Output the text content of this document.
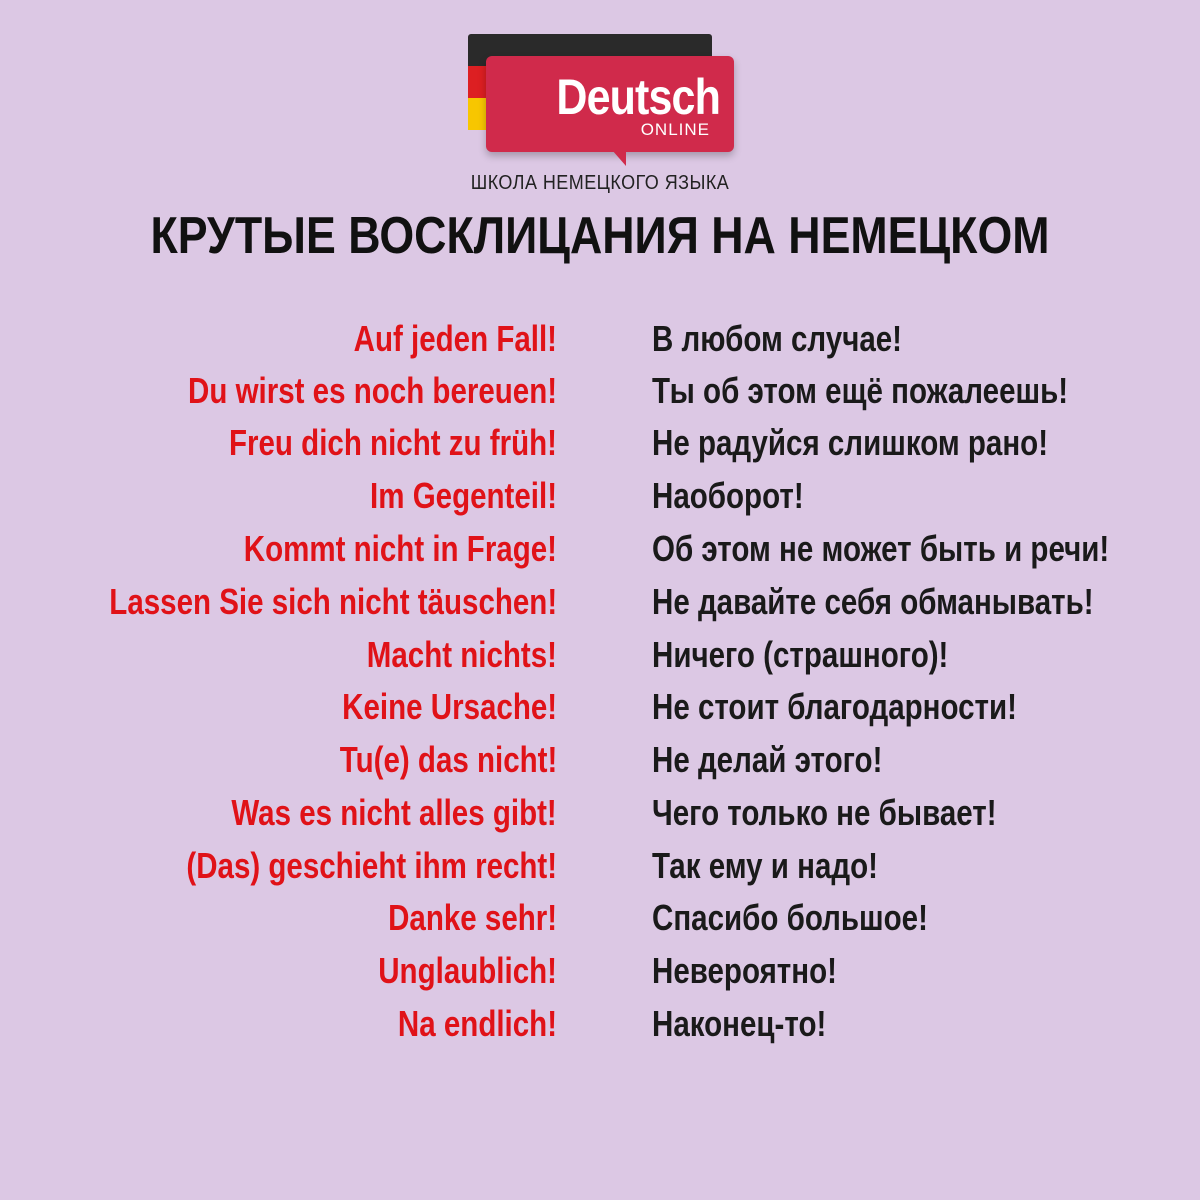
Deutsch
ONLINE
ШКОЛА НЕМЕЦКОГО ЯЗЫКА
КРУТЫЕ ВОСКЛИЦАНИЯ НА НЕМЕЦКОМ
Auf jeden Fall!	В любом случае!
Du wirst es noch bereuen!	Ты об этом ещё пожалеешь!
Freu dich nicht zu früh!	Не радуйся слишком рано!
Im Gegenteil!	Наоборот!
Kommt nicht in Frage!	Об этом не может быть и речи!
Lassen Sie sich nicht täuschen!	Не давайте себя обманывать!
Macht nichts!	Ничего (страшного)!
Keine Ursache!	Не стоит благодарности!
Tu(e) das nicht!	Не делай этого!
Was es nicht alles gibt!	Чего только не бывает!
(Das) geschieht ihm recht!	Так ему и надо!
Danke sehr!	Спасибо большое!
Unglaublich!	Невероятно!
Na endlich!	Наконец-то!
